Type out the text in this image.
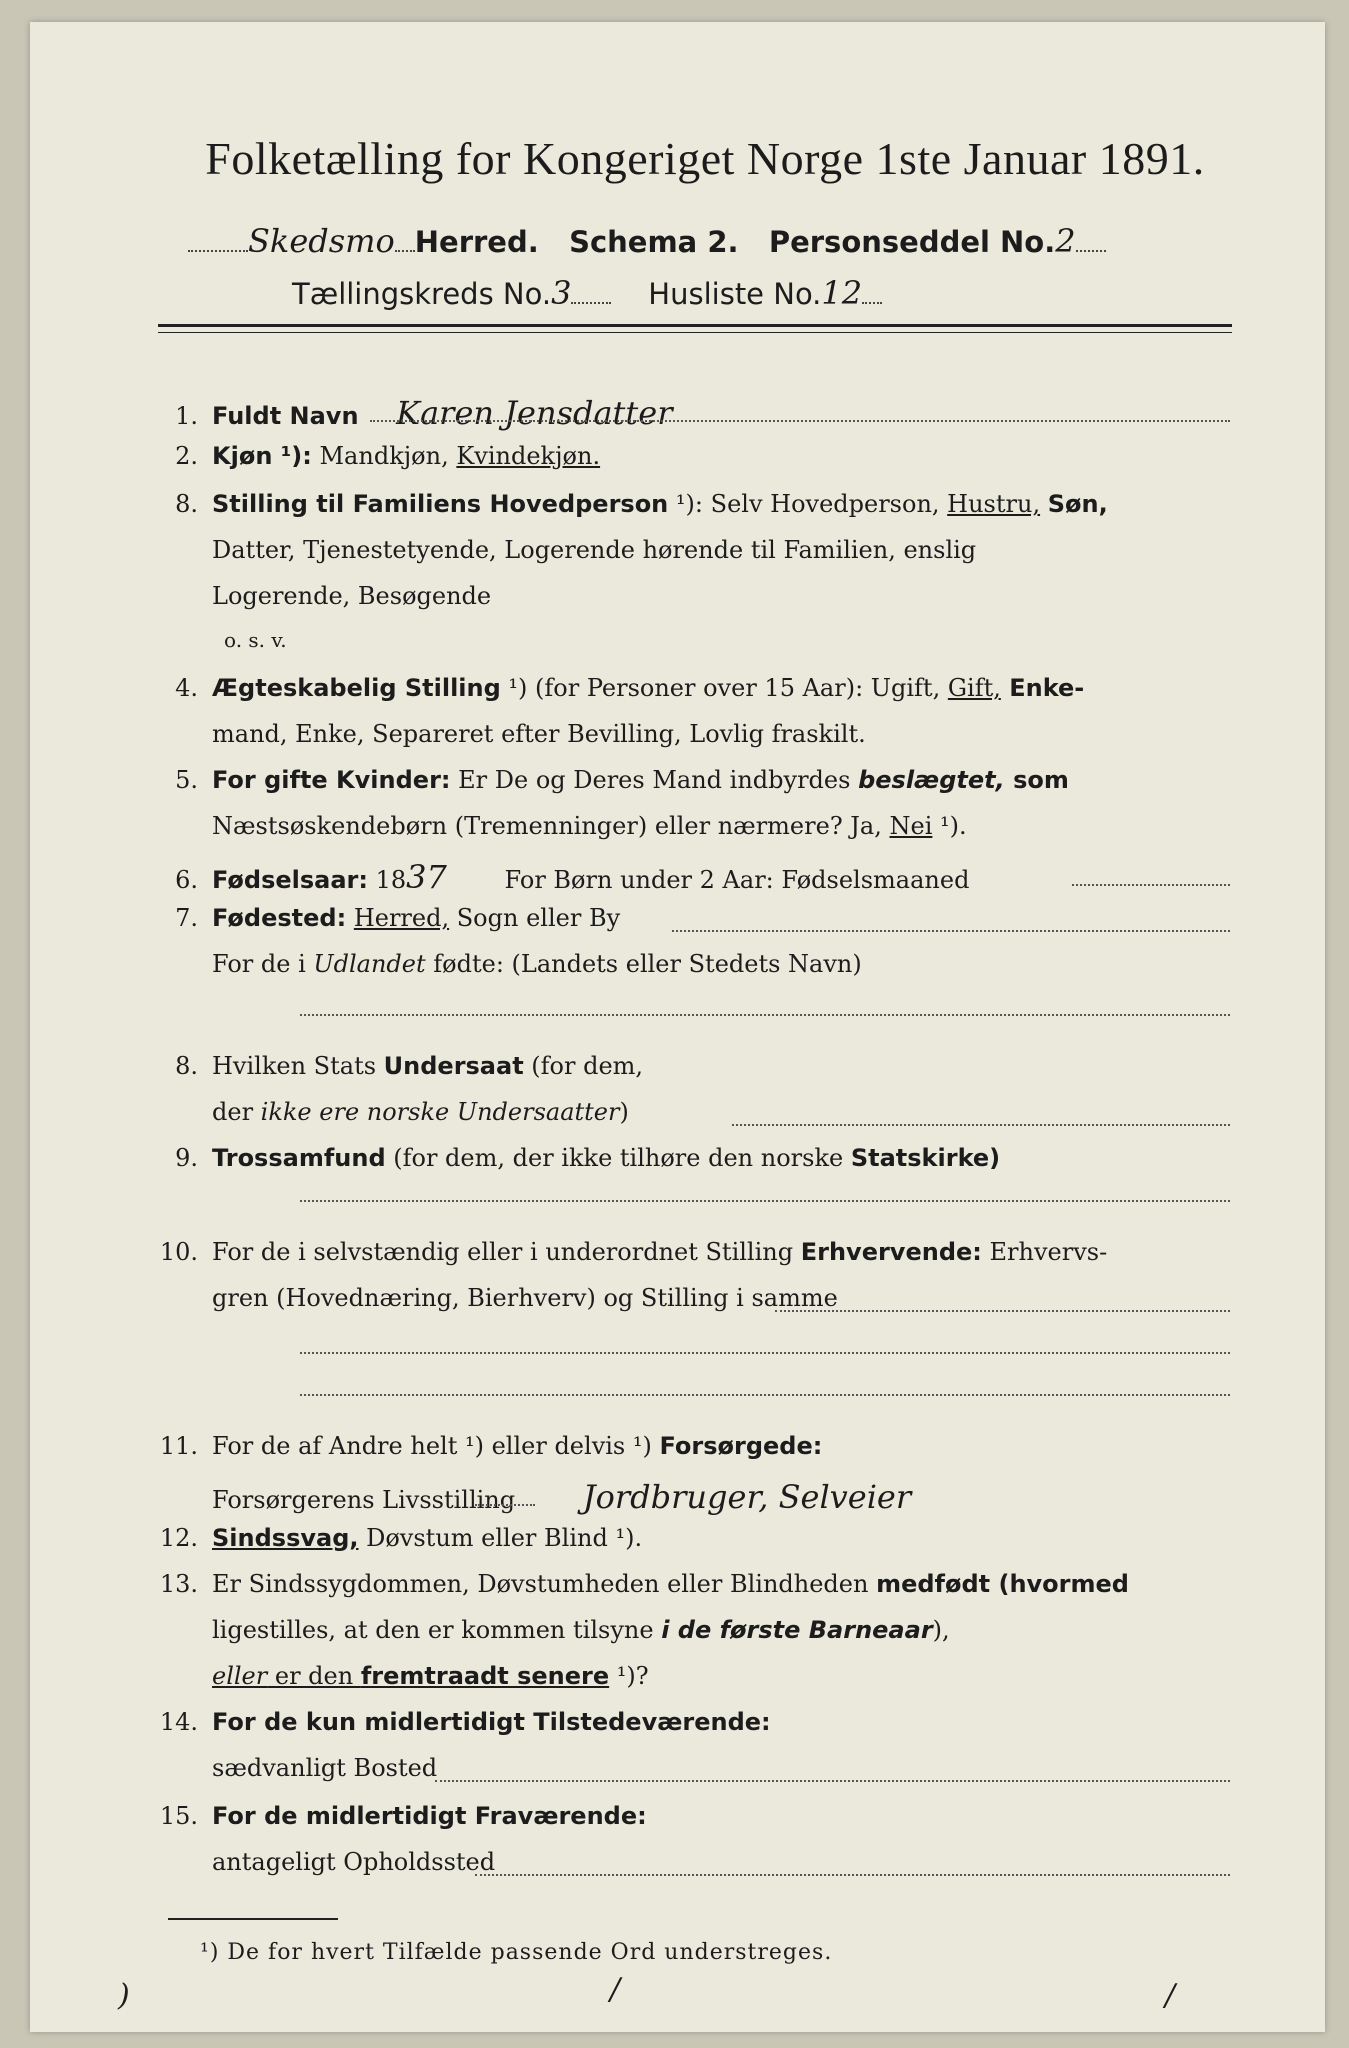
Folketælling for Kongeriget Norge 1ste Januar 1891.
Skedsmo Herred. Schema 2. Personseddel No.2
Tællingskreds No.3	Husliste No.12
1. Fuldt Navn Karen Jensdatter
2. Kjøn ¹): Mandkjøn, Kvindekjøn.
8. Stilling til Familiens Hovedperson ¹): Selv Hovedperson, Hustru, Søn,
Datter, Tjenestetyende, Logerende hørende til Familien, enslig
Logerende, Besøgende
o. s. v.
4. Ægteskabelig Stilling ¹) (for Personer over 15 Aar): Ugift, Gift, Enke-
mand, Enke, Separeret efter Bevilling, Lovlig fraskilt.
5. For gifte Kvinder: Er De og Deres Mand indbyrdes beslægtet, som
Næstsøskendebørn (Tremenninger) eller nærmere? Ja, Nei ¹).
6. Fødselsaar: 1837 For Børn under 2 Aar: Fødselsmaaned
7. Fødested: Herred, Sogn eller By
For de i Udlandet fødte: (Landets eller Stedets Navn)
8. Hvilken Stats Undersaat (for dem,
der ikke ere norske Undersaatter)
9. Trossamfund (for dem, der ikke tilhøre den norske Statskirke)
10. For de i selvstændig eller i underordnet Stilling Erhvervende: Erhvervs-
gren (Hovednæring, Bierhverv) og Stilling i samme
11. For de af Andre helt ¹) eller delvis ¹) Forsørgede:
Forsørgerens Livsstilling Jordbruger, Selveier
12. Sindssvag, Døvstum eller Blind ¹).
13. Er Sindssygdommen, Døvstumheden eller Blindheden medfødt (hvormed
ligestilles, at den er kommen tilsyne i de første Barneaar),
eller er den fremtraadt senere ¹)?
14. For de kun midlertidigt Tilstedeværende:
sædvanligt Bosted
15. For de midlertidigt Fraværende:
antageligt Opholdssted
¹) De for hvert Tilfælde passende Ord understreges.
)	/	/
